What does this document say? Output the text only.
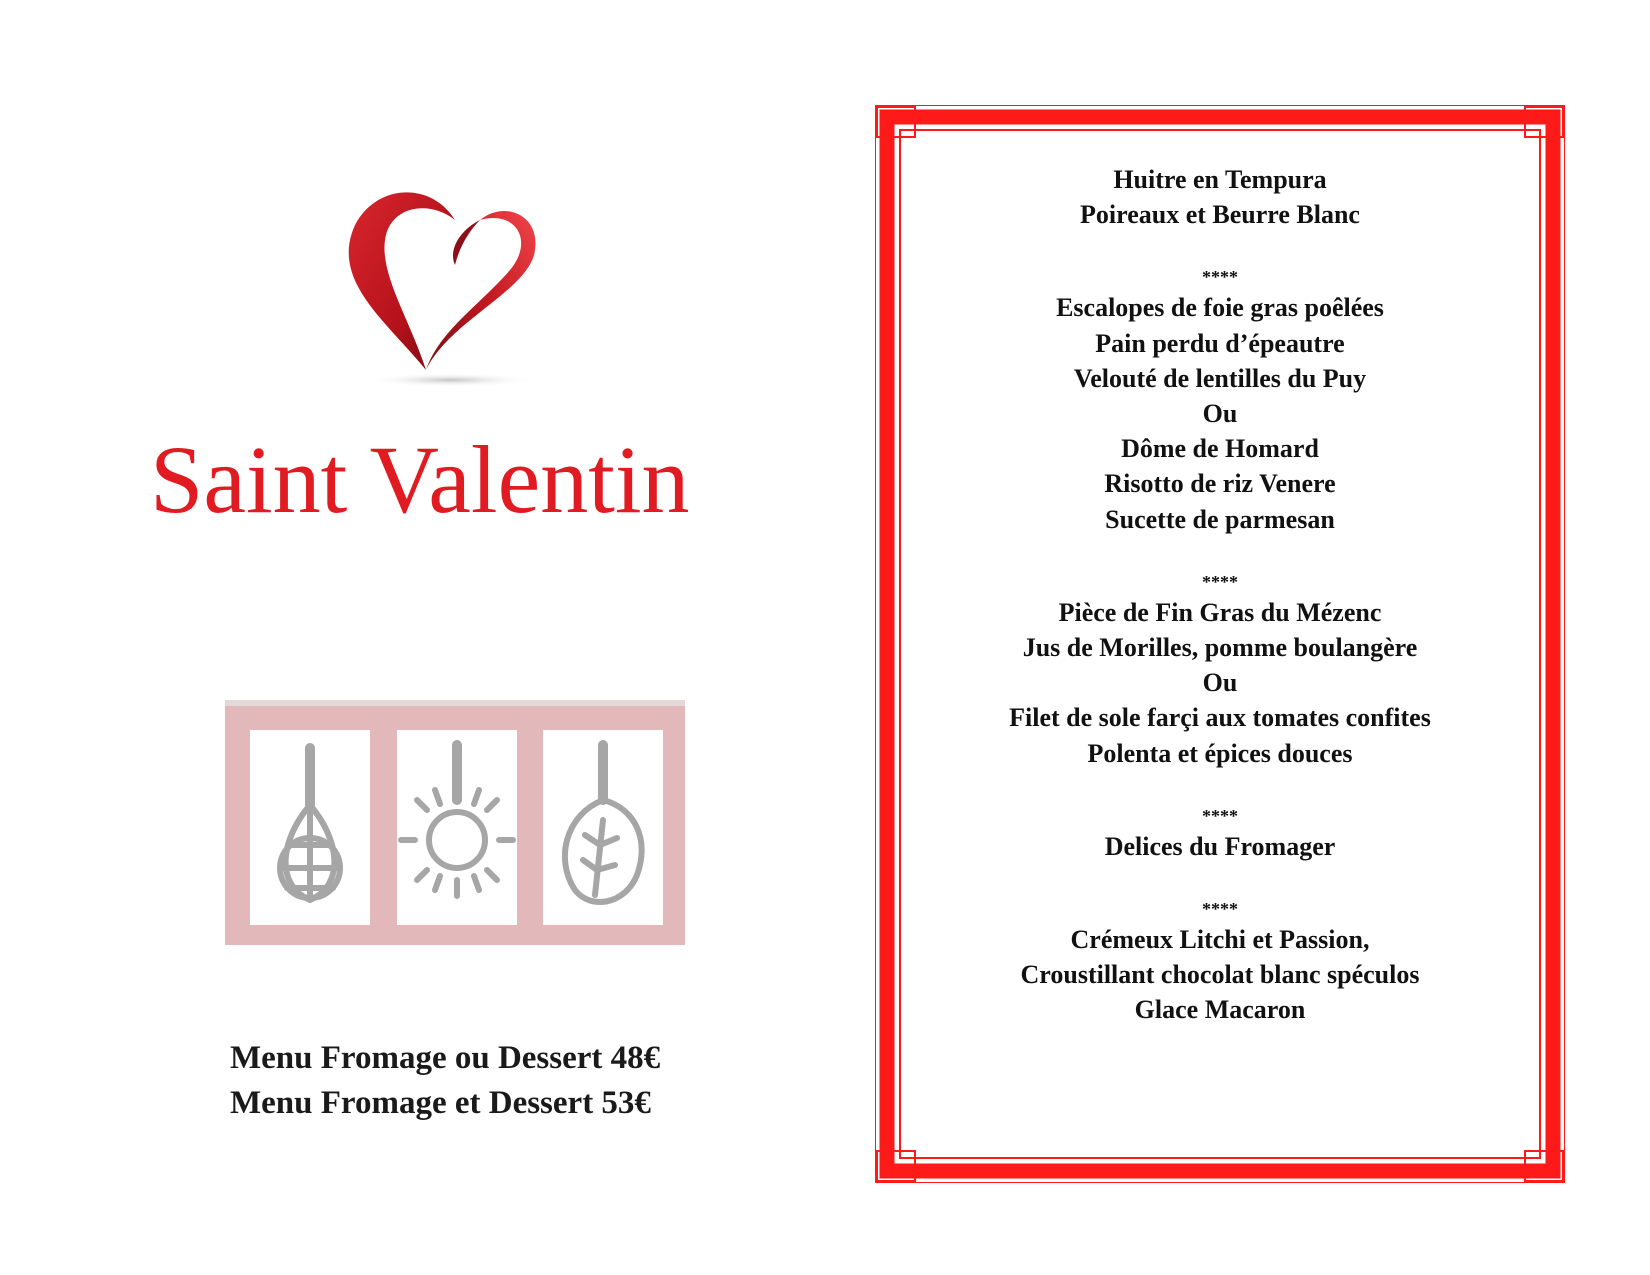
Saint Valentin
Menu Fromage ou Dessert 48€
Menu Fromage et Dessert 53€
Huitre en Tempura
Poireaux et Beurre Blanc
****
Escalopes de foie gras poêlées
Pain perdu d’épeautre
Velouté de lentilles du Puy
Ou
Dôme de Homard
Risotto de riz Venere
Sucette de parmesan
****
Pièce de Fin Gras du Mézenc
Jus de Morilles, pomme boulangère
Ou
Filet de sole farçi aux tomates confites
Polenta et épices douces
****
Delices du Fromager
****
Crémeux Litchi et Passion,
Croustillant chocolat blanc spéculos
Glace Macaron
